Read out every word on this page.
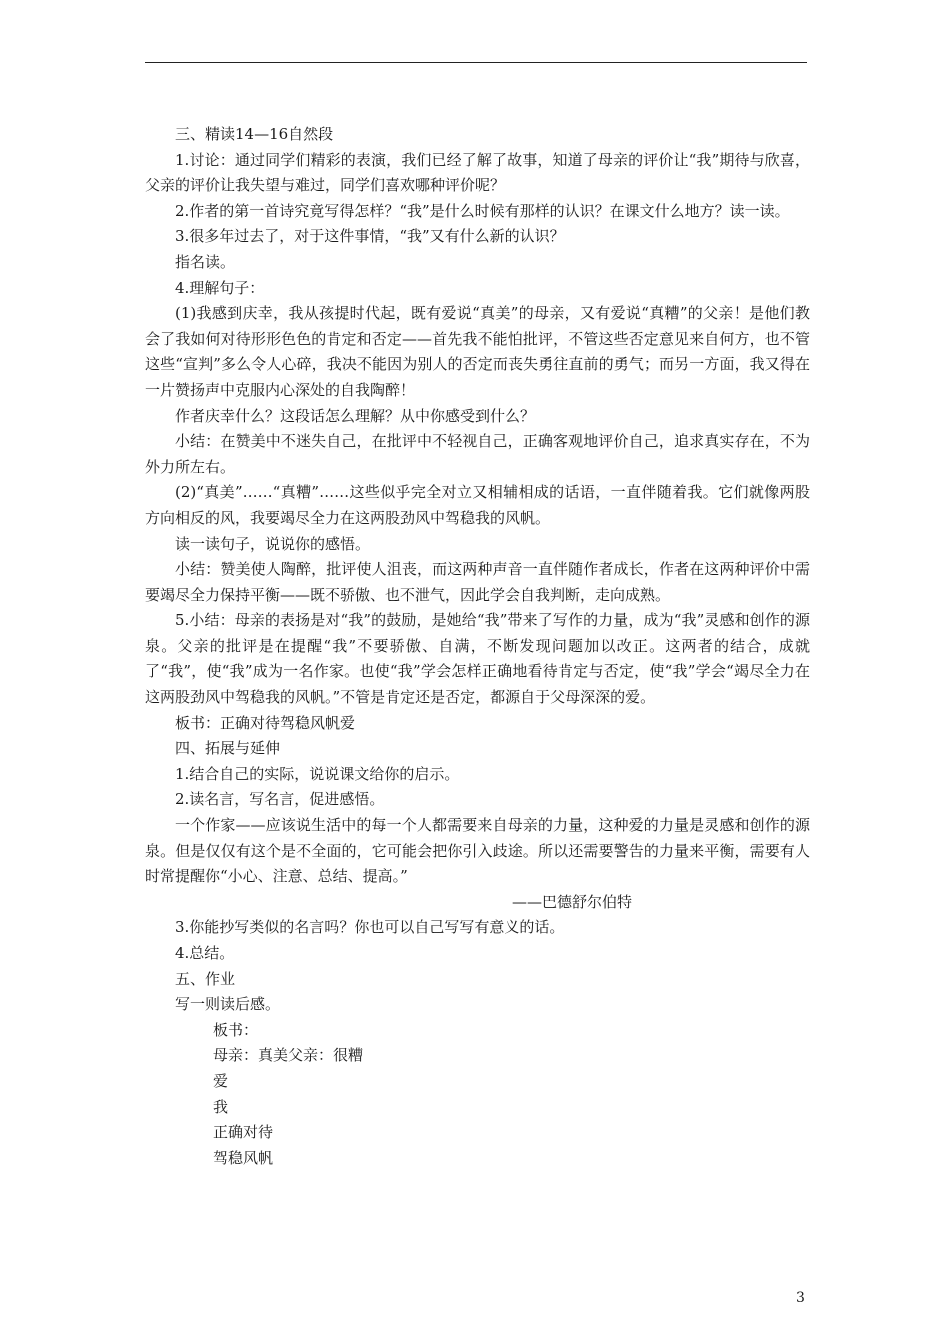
三、精读14—16自然段

1.讨论：通过同学们精彩的表演，我们已经了解了故事，知道了母亲的评价让“我”期待与欣喜，父亲的评价让我失望与难过，同学们喜欢哪种评价呢？

2.作者的第一首诗究竟写得怎样？“我”是什么时候有那样的认识？在课文什么地方？读一读。

3.很多年过去了，对于这件事情，“我”又有什么新的认识？

指名读。

4.理解句子：

(1)我感到庆幸，我从孩提时代起，既有爱说“真美”的母亲，又有爱说“真糟”的父亲！是他们教会了我如何对待形形色色的肯定和否定——首先我不能怕批评，不管这些否定意见来自何方，也不管这些“宣判”多么令人心碎，我决不能因为别人的否定而丧失勇往直前的勇气；而另一方面，我又得在一片赞扬声中克服内心深处的自我陶醉！

作者庆幸什么？这段话怎么理解？从中你感受到什么？

小结：在赞美中不迷失自己，在批评中不轻视自己，正确客观地评价自己，追求真实存在，不为外力所左右。

(2)“真美”……“真糟”……这些似乎完全对立又相辅相成的话语，一直伴随着我。它们就像两股方向相反的风，我要竭尽全力在这两股劲风中驾稳我的风帆。

读一读句子，说说你的感悟。

小结：赞美使人陶醉，批评使人沮丧，而这两种声音一直伴随作者成长，作者在这两种评价中需要竭尽全力保持平衡——既不骄傲、也不泄气，因此学会自我判断，走向成熟。

5.小结：母亲的表扬是对“我”的鼓励，是她给“我”带来了写作的力量，成为“我”灵感和创作的源泉。父亲的批评是在提醒“我”不要骄傲、自满，不断发现问题加以改正。这两者的结合，成就了“我”，使“我”成为一名作家。也使“我”学会怎样正确地看待肯定与否定，使“我”学会“竭尽全力在这两股劲风中驾稳我的风帆。”不管是肯定还是否定，都源自于父母深深的爱。

板书：正确对待驾稳风帆爱

四、拓展与延伸

1.结合自己的实际，说说课文给你的启示。

2.读名言，写名言，促进感悟。

一个作家——应该说生活中的每一个人都需要来自母亲的力量，这种爱的力量是灵感和创作的源泉。但是仅仅有这个是不全面的，它可能会把你引入歧途。所以还需要警告的力量来平衡，需要有人时常提醒你“小心、注意、总结、提高。”

——巴德舒尔伯特

3.你能抄写类似的名言吗？你也可以自己写写有意义的话。

4.总结。

五、作业

写一则读后感。

板书：

母亲：真美父亲：很糟

爱

我

正确对待

驾稳风帆

3
